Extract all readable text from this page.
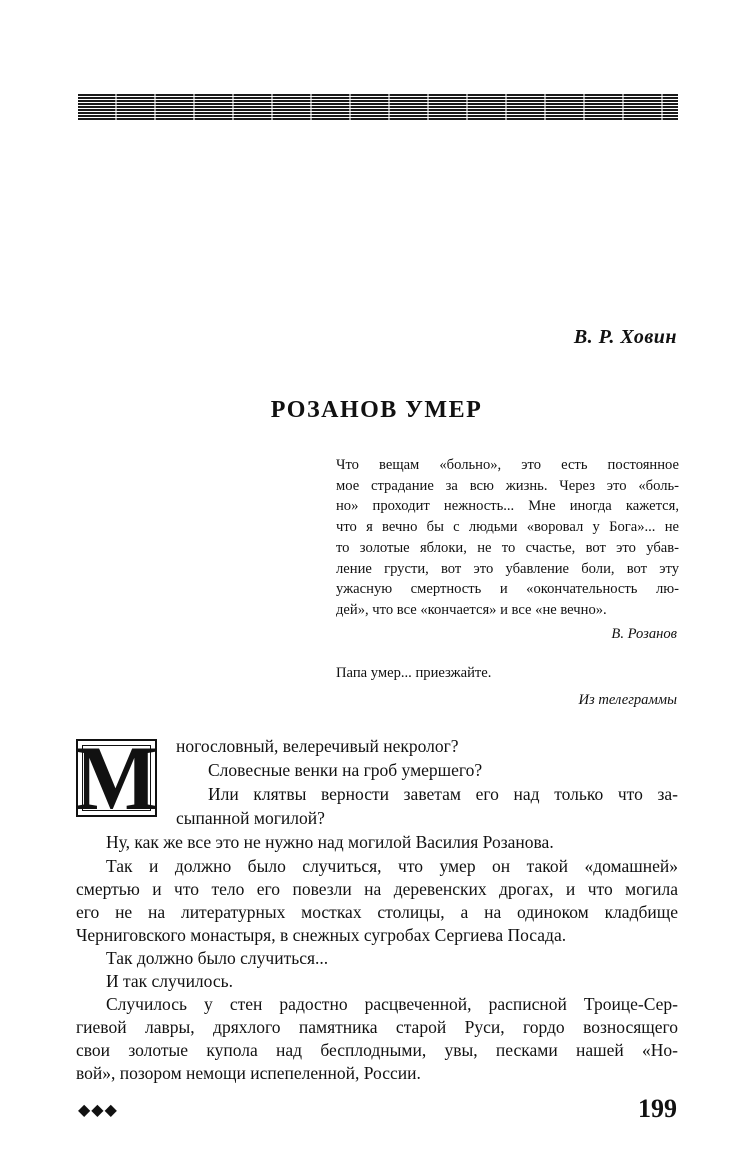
В. Р. Ховин
РОЗАНОВ УМЕР
Что вещам «больно», это есть постоянное
мое страдание за всю жизнь. Через это «боль-
но» проходит нежность... Мне иногда кажется,
что я вечно бы с людьми «воровал у Бога»... не
то золотые яблоки, не то счастье, вот это убав-
ление грусти, вот это убавление боли, вот эту
ужасную смертность и «окончательность лю-
дей», что все «кончается» и все «не вечно».
В. Розанов
Папа умер... приезжайте.
Из телеграммы
М ногословный, велеречивый некролог?
Словесные венки на гроб умершего?
Или клятвы верности заветам его над только что за-
сыпанной могилой?
Ну, как же все это не нужно над могилой Василия Розанова.
Так и должно было случиться, что умер он такой «домашней»
смертью и что тело его повезли на деревенских дрогах, и что могила
его не на литературных мостках столицы, а на одиноком кладбище
Черниговского монастыря, в снежных сугробах Сергиева Посада.
Так должно было случиться...
И так случилось.
Случилось у стен радостно расцвеченной, расписной Троице-Сер-
гиевой лавры, дряхлого памятника старой Руси, гордо возносящего
свои золотые купола над бесплодными, увы, песками нашей «Но-
вой», позором немощи испепеленной, России.
◆◆◆	199
